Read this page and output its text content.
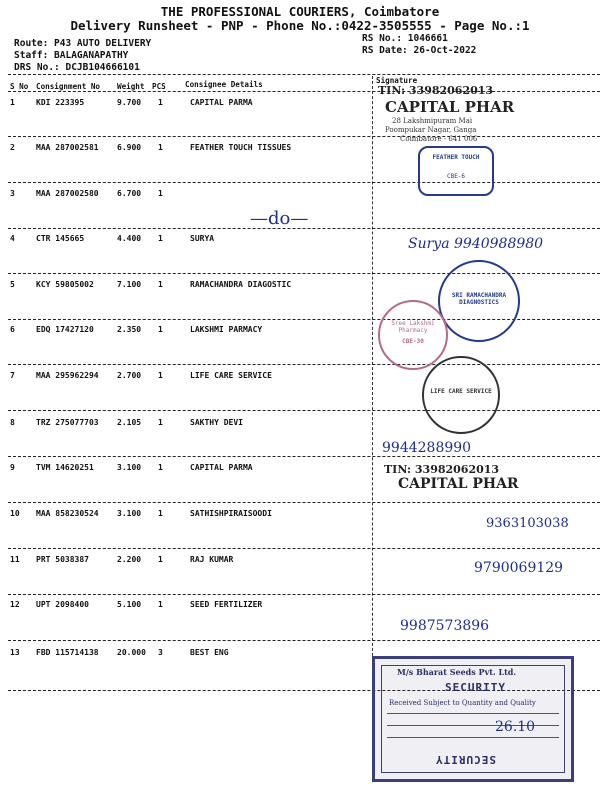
THE PROFESSIONAL COURIERS, Coimbatore
Delivery Runsheet - PNP - Phone No.:0422-3505555 - Page No.:1
Route: P43 AUTO DELIVERY
Staff: BALAGANAPATHY
DRS No.: DCJB104666101
RS No.: 1046661
RS Date: 26-Oct-2022
S No Consignment No Weight PCS	Consignee Details	Signature
1	KDI 223395	9.700 1	CAPITAL PARMA
2	MAA 287002581 6.900 1	FEATHER TOUCH TISSUES
3	MAA 287002580 6.700 1
4	CTR 145665	4.400 1	SURYA
5	KCY 59805002	7.100 1	RAMACHANDRA DIAGOSTIC
6	EDQ 17427120	2.350 1	LAKSHMI PARMACY
7	MAA 295962294 2.700 1	LIFE CARE SERVICE
8	TRZ 275077703 2.105 1	SAKTHY DEVI
9	TVM 14620251	3.100 1	CAPITAL PARMA
10 MAA 858230524 3.100 1	SATHISHPIRAISOODI
11 PRT 5038387	2.200 1	RAJ KUMAR
12 UPT 2098400	5.100 1	SEED FERTILIZER
13 FBD 115714138 20.000 3	BEST ENG
TIN: 33982062013
CAPITAL PHAR
28 Lakshmipuram Mai
Poompukar Nagar, Ganga
Coimbatore - 641 006
FEATHER TOUCH
CBE-6
—do—
Surya 9940988980
SRI RAMACHANDRA DIAGNOSTICS
Sree Lakshmi Pharmacy
CBE-30
LIFE CARE SERVICE
9944288990
TIN: 33982062013
CAPITAL PHAR
9363103038
9790069129
9987573896
M/s Bharat Seeds Pvt. Ltd.
SECURITY
Received Subject to Quantity and Quality
26.10
SECURITY
